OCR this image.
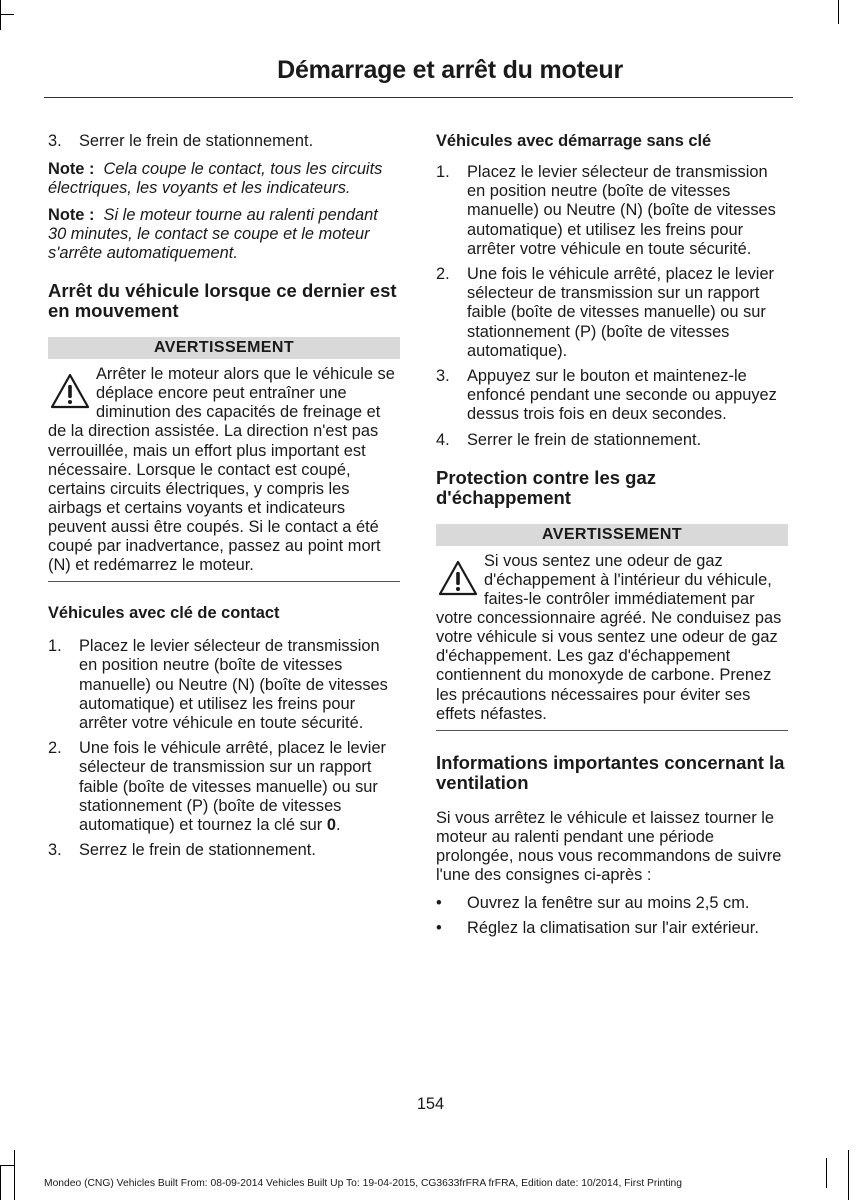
Démarrage et arrêt du moteur
3. Serrer le frein de stationnement.

Note : Cela coupe le contact, tous les circuits électriques, les voyants et les indicateurs.

Note : Si le moteur tourne au ralenti pendant 30 minutes, le contact se coupe et le moteur s'arrête automatiquement.

Arrêt du véhicule lorsque ce dernier est en mouvement
AVERTISSEMENT
Arrêter le moteur alors que le véhicule se déplace encore peut entraîner une diminution des capacités de freinage et de la direction assistée. La direction n'est pas verrouillée, mais un effort plus important est nécessaire. Lorsque le contact est coupé, certains circuits électriques, y compris les airbags et certains voyants et indicateurs peuvent aussi être coupés. Si le contact a été coupé par inadvertance, passez au point mort (N) et redémarrez le moteur.
Véhicules avec clé de contact
1. Placez le levier sélecteur de transmission en position neutre (boîte de vitesses manuelle) ou Neutre (N) (boîte de vitesses automatique) et utilisez les freins pour arrêter votre véhicule en toute sécurité.
2. Une fois le véhicule arrêté, placez le levier sélecteur de transmission sur un rapport faible (boîte de vitesses manuelle) ou sur stationnement (P) (boîte de vitesses automatique) et tournez la clé sur 0.
3. Serrez le frein de stationnement.
Véhicules avec démarrage sans clé
1. Placez le levier sélecteur de transmission en position neutre (boîte de vitesses manuelle) ou Neutre (N) (boîte de vitesses automatique) et utilisez les freins pour arrêter votre véhicule en toute sécurité.
2. Une fois le véhicule arrêté, placez le levier sélecteur de transmission sur un rapport faible (boîte de vitesses manuelle) ou sur stationnement (P) (boîte de vitesses automatique).
3. Appuyez sur le bouton et maintenez-le enfoncé pendant une seconde ou appuyez dessus trois fois en deux secondes.
4. Serrer le frein de stationnement.
Protection contre les gaz d'échappement
AVERTISSEMENT
Si vous sentez une odeur de gaz d'échappement à l'intérieur du véhicule, faites-le contrôler immédiatement par votre concessionnaire agréé. Ne conduisez pas votre véhicule si vous sentez une odeur de gaz d'échappement. Les gaz d'échappement contiennent du monoxyde de carbone. Prenez les précautions nécessaires pour éviter ses effets néfastes.
Informations importantes concernant la ventilation

Si vous arrêtez le véhicule et laissez tourner le moteur au ralenti pendant une période prolongée, nous vous recommandons de suivre l'une des consignes ci-après :

• Ouvrez la fenêtre sur au moins 2,5 cm.
• Réglez la climatisation sur l'air extérieur.
154
Mondeo (CNG) Vehicles Built From: 08-09-2014 Vehicles Built Up To: 19-04-2015, CG3633frFRA frFRA, Edition date: 10/2014, First Printing
